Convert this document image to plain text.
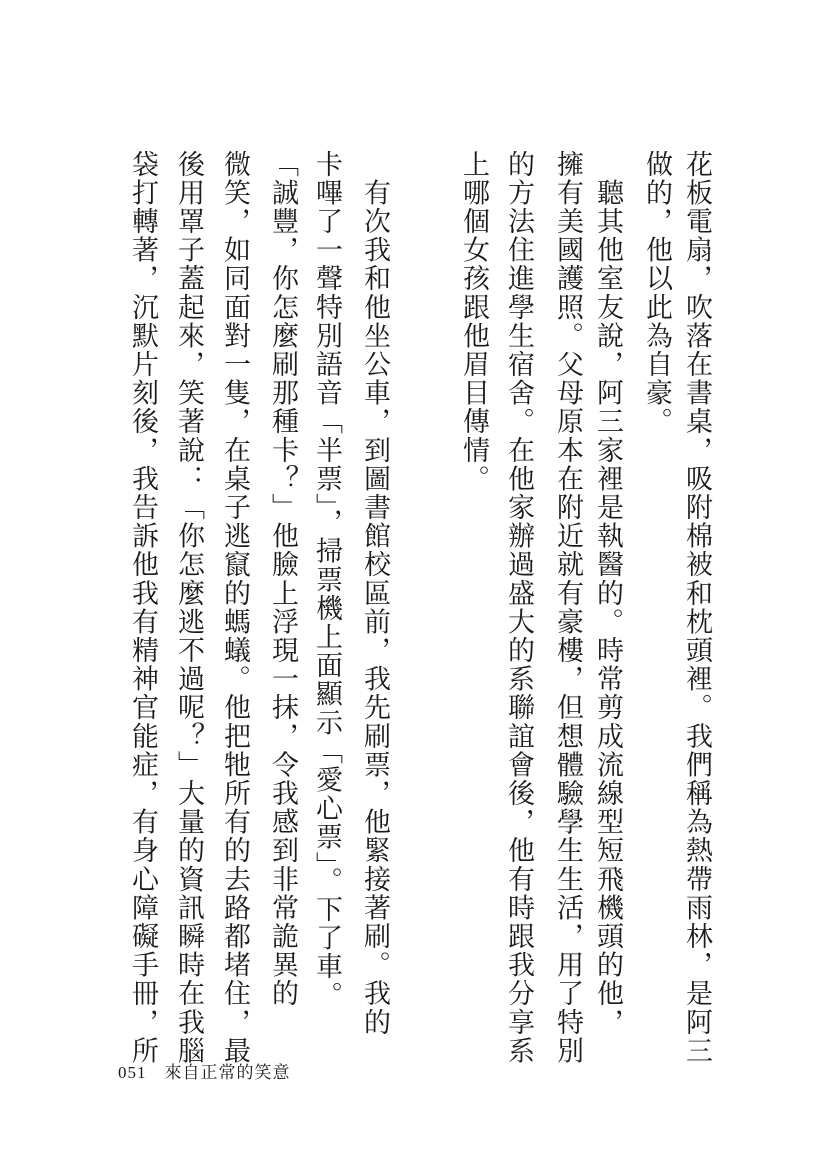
花板電扇，吹落在書桌，吸附棉被和枕頭裡。我們稱為熱帶雨林，是阿三
做的，他以此為自豪。
　聽其他室友說，阿三家裡是執醫的。時常剪成流線型短飛機頭的他，
擁有美國護照。父母原本在附近就有豪樓，但想體驗學生生活，用了特別
的方法住進學生宿舍。在他家辦過盛大的系聯誼會後，他有時跟我分享系
上哪個女孩跟他眉目傳情。
　有次我和他坐公車，到圖書館校區前，我先刷票，他緊接著刷。我的
卡嗶了一聲特別語音「半票」，掃票機上面顯示「愛心票」。下了車。
「誠豐，你怎麼刷那種卡？」他臉上浮現一抹，令我感到非常詭異的
微笑，如同面對一隻，在桌子逃竄的螞蟻。他把牠所有的去路都堵住，最
後用罩子蓋起來，笑著說：「你怎麼逃不過呢？」大量的資訊瞬時在我腦
袋打轉著，沉默片刻後，我告訴他我有精神官能症，有身心障礙手冊，所
051 來自正常的笑意
